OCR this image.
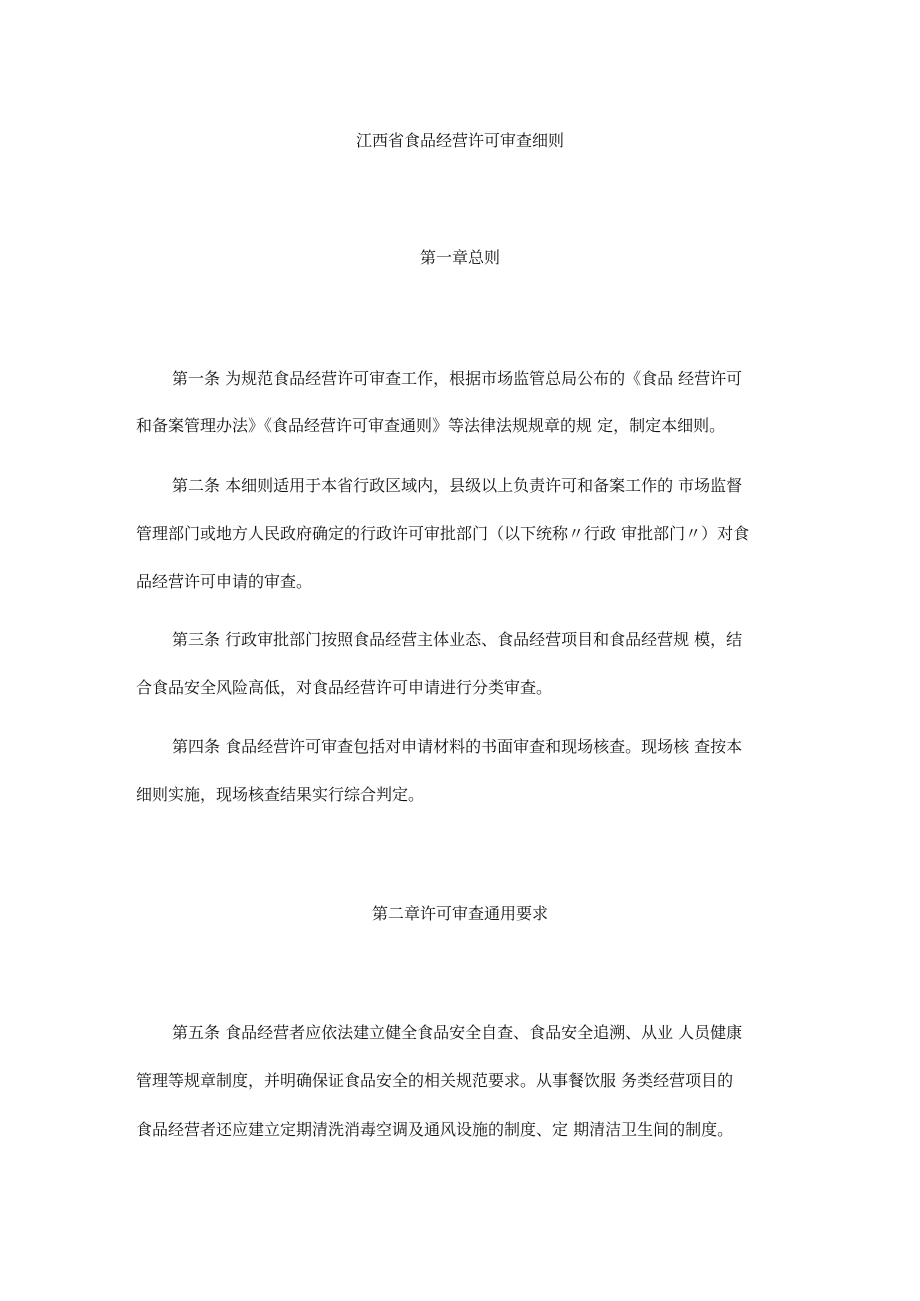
江西省食品经营许可审查细则
第一章总则

第一条 为规范食品经营许可审查工作，根据市场监管总局公布的《食品 经营许可

和备案管理办法》《食品经营许可审查通则》等法律法规规章的规 定，制定本细则。

第二条 本细则适用于本省行政区域内，县级以上负责许可和备案工作的 市场监督

管理部门或地方人民政府确定的行政许可审批部门（以下统称〃行政 审批部门〃）对食

品经营许可申请的审查。

第三条 行政审批部门按照食品经营主体业态、食品经营项目和食品经营规 模，结

合食品安全风险高低，对食品经营许可申请进行分类审查。

第四条 食品经营许可审查包括对申请材料的书面审查和现场核查。现场核 查按本

细则实施，现场核查结果实行综合判定。

第二章许可审查通用要求

第五条 食品经营者应依法建立健全食品安全自查、食品安全追溯、从业 人员健康

管理等规章制度，并明确保证食品安全的相关规范要求。从事餐饮服 务类经营项目的

食品经营者还应建立定期清洗消毒空调及通风设施的制度、定 期清洁卫生间的制度。
